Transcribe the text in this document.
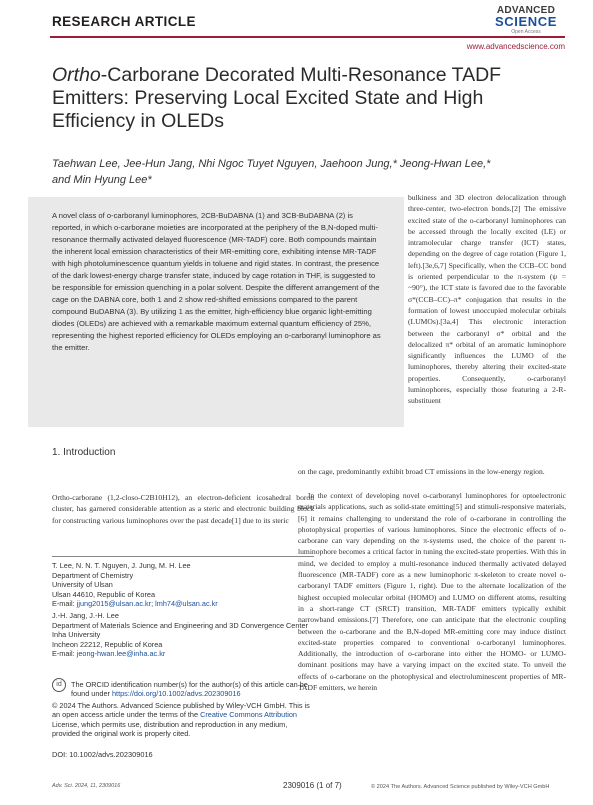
RESEARCH ARTICLE
ADVANCED
SCIENCE
Open Access
www.advancedscience.com
Ortho-Carborane Decorated Multi-Resonance TADF Emitters: Preserving Local Excited State and High Efficiency in OLEDs
Taehwan Lee, Jee-Hun Jang, Nhi Ngoc Tuyet Nguyen, Jaehoon Jung,* Jeong-Hwan Lee,*
and Min Hyung Lee*
A novel class of o-carboranyl luminophores, 2CB-BuDABNA (1) and 3CB-BuDABNA (2) is reported, in which o-carborane moieties are incorporated at the periphery of the B,N-doped multi-resonance thermally activated delayed fluorescence (MR-TADF) core. Both compounds maintain the inherent local emission characteristics of their MR-emitting core, exhibiting intense MR-TADF with high photoluminescence quantum yields in toluene and rigid states. In contrast, the presence of the dark lowest-energy charge transfer state, induced by cage rotation in THF, is suggested to be responsible for emission quenching in a polar solvent. Despite the different arrangement of the cage on the DABNA core, both 1 and 2 show red-shifted emissions compared to the parent compound BuDABNA (3). By utilizing 1 as the emitter, high-efficiency blue organic light-emitting diodes (OLEDs) are achieved with a remarkable maximum external quantum efficiency of 25%, representing the highest reported efficiency for OLEDs employing an o-carboranyl luminophore as the emitter.
bulkiness and 3D electron delocalization through three-center, two-electron bonds.[2] The emissive excited state of the o-carboranyl luminophores can be accessed through the locally excited (LE) or intramolecular charge transfer (ICT) states, depending on the degree of cage rotation (Figure 1, left).[3e,6,7] Specifically, when the CCB–CC bond is oriented perpendicular to the π-system (ψ = ~90°), the ICT state is favored due to the favorable σ*(CCB–CC)–π* conjugation that results in the formation of lowest unoccupied molecular orbitals (LUMOs).[3a,4] This electronic interaction between the carboranyl σ* orbital and the delocalized π* orbital of an aromatic luminophore significantly influences the LUMO of the luminophores, thereby altering their excited-state properties. Consequently, o-carboranyl luminophores, especially those featuring a 2-R-substituent
on the cage, predominantly exhibit broad CT emissions in the low-energy region.
In the context of developing novel o-carboranyl luminophores for optoelectronic materials applications, such as solid-state emitting[5] and stimuli-responsive materials,[6] it remains challenging to understand the role of o-carborane in controlling the photophysical properties of various luminophores. Since the electronic effects of o-carborane can vary depending on the π-systems used, the choice of the parent π-luminophore becomes a critical factor in tuning the excited-state properties. With this in mind, we decided to employ a multi-resonance induced thermally activated delayed fluorescence (MR-TADF) core as a new luminophoric π-skeleton to create novel o-carboranyl TADF emitters (Figure 1, right). Due to the alternate localization of the highest occupied molecular orbital (HOMO) and LUMO on different atoms, resulting in a short-range CT (SRCT) transition, MR-TADF emitters typically exhibit narrowband emissions.[7] Therefore, one can anticipate that the electronic coupling between the o-carborane and the B,N-doped MR-emitting core may induce distinct excited-state properties compared to conventional o-carboranyl luminophores. Additionally, the introduction of o-carborane into either the HOMO- or LUMO-dominant positions may have a varying impact on the excited state. To unveil the effects of o-carborane on the photophysical and electroluminescent properties of MR-TADF emitters, we herein
1. Introduction
Ortho-carborane (1,2-closo-C2B10H12), an electron-deficient icosahedral boron cluster, has garnered considerable attention as a steric and electronic building block for constructing various luminophores over the past decade[1] due to its steric
T. Lee, N. N. T. Nguyen, J. Jung, M. H. Lee
Department of Chemistry
University of Ulsan
Ulsan 44610, Republic of Korea
E-mail: jjung2015@ulsan.ac.kr; lmh74@ulsan.ac.kr
J.-H. Jang, J.-H. Lee
Department of Materials Science and Engineering and 3D Convergence Center
Inha University
Incheon 22212, Republic of Korea
E-mail: jeong-hwan.lee@inha.ac.kr
id	The ORCID identification number(s) for the author(s) of this article can be found under https://doi.org/10.1002/advs.202309016
© 2024 The Authors. Advanced Science published by Wiley-VCH GmbH. This is an open access article under the terms of the Creative Commons Attribution License, which permits use, distribution and reproduction in any medium, provided the original work is properly cited.
DOI: 10.1002/advs.202309016
Adv. Sci. 2024, 11, 2309016	2309016 (1 of 7)	© 2024 The Authors. Advanced Science published by Wiley-VCH GmbH
